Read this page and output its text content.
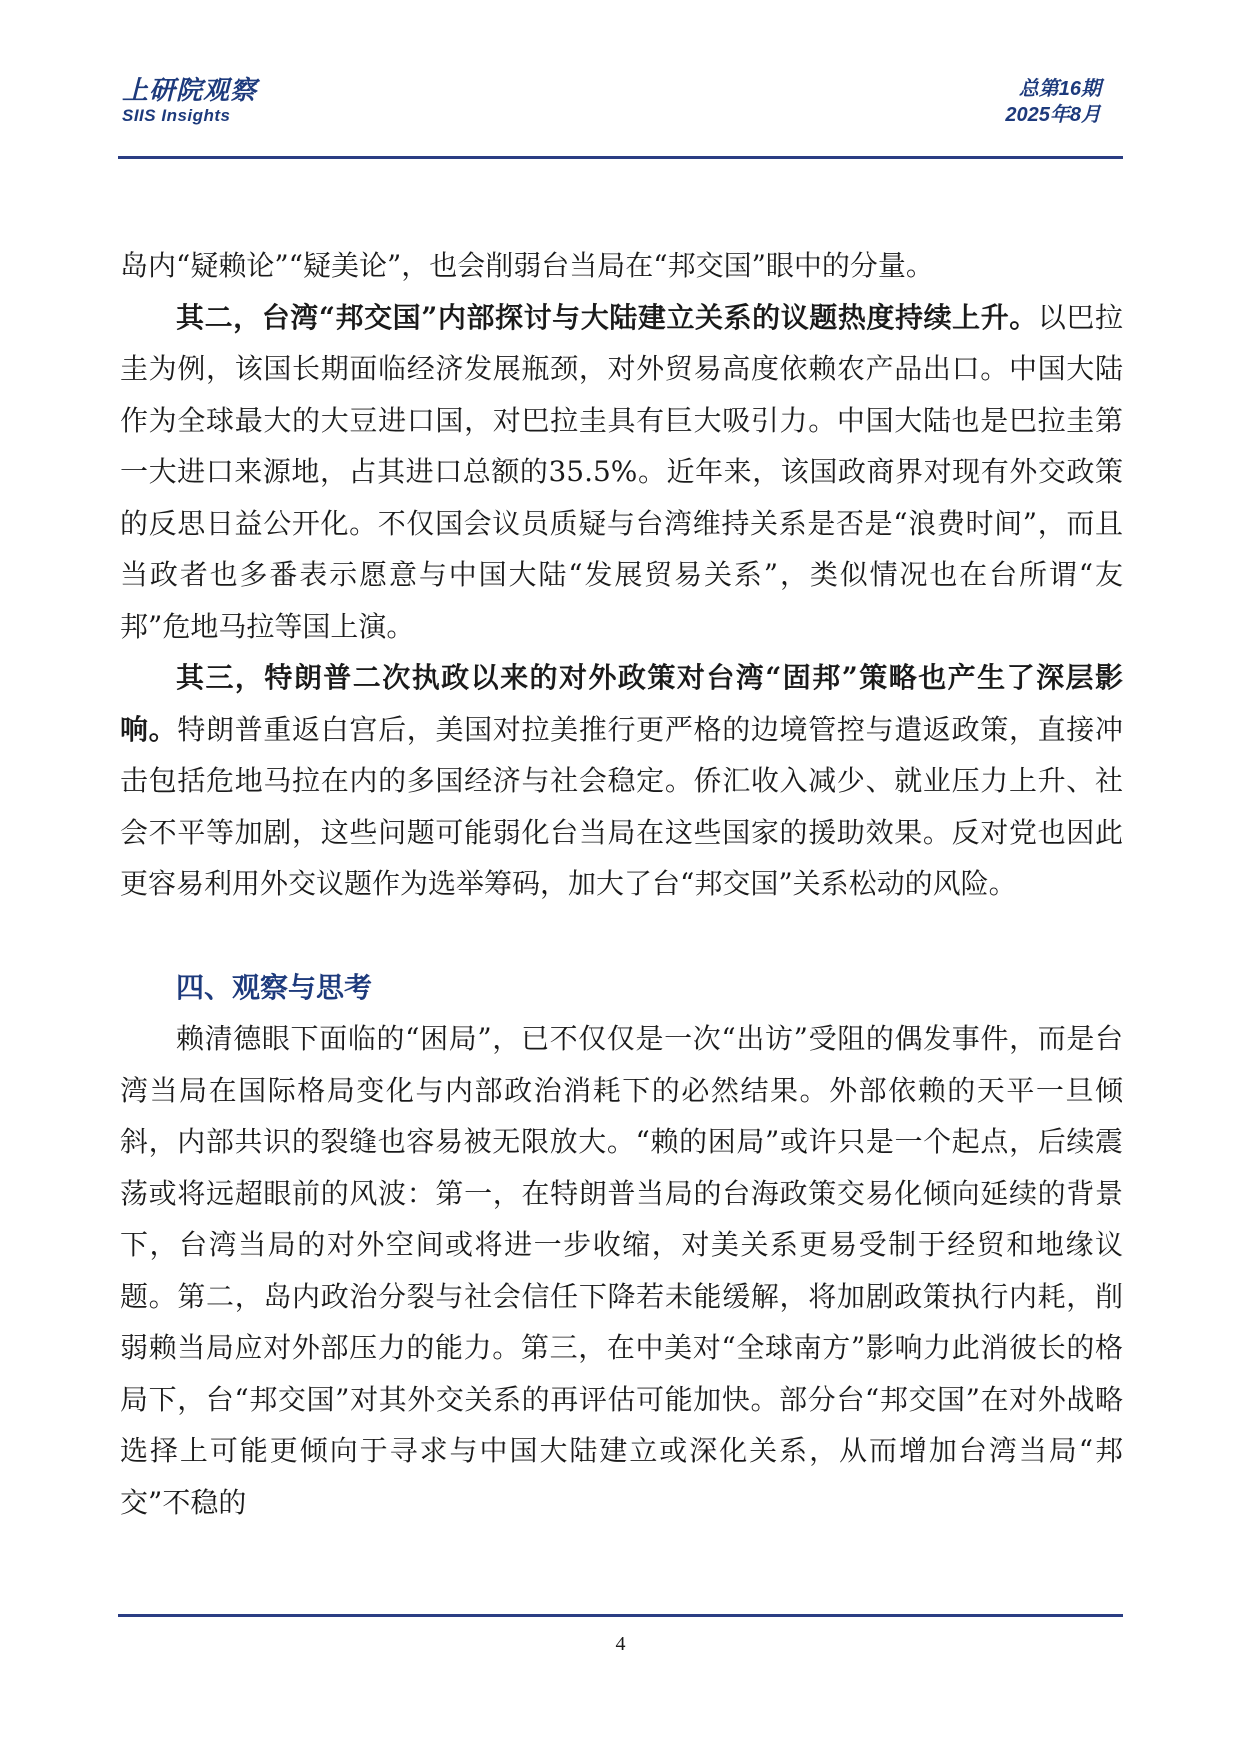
上研院观察
SIIS Insights
总第16期
2025年8月

岛内“疑赖论”“疑美论”，也会削弱台当局在“邦交国”眼中的分量。

其二，台湾“邦交国”内部探讨与大陆建立关系的议题热度持续上升。以巴拉圭为例，该国长期面临经济发展瓶颈，对外贸易高度依赖农产品出口。中国大陆作为全球最大的大豆进口国，对巴拉圭具有巨大吸引力。中国大陆也是巴拉圭第一大进口来源地，占其进口总额的35.5%。近年来，该国政商界对现有外交政策的反思日益公开化。不仅国会议员质疑与台湾维持关系是否是“浪费时间”，而且当政者也多番表示愿意与中国大陆“发展贸易关系”，类似情况也在台所谓“友邦”危地马拉等国上演。

其三，特朗普二次执政以来的对外政策对台湾“固邦”策略也产生了深层影响。特朗普重返白宫后，美国对拉美推行更严格的边境管控与遣返政策，直接冲击包括危地马拉在内的多国经济与社会稳定。侨汇收入减少、就业压力上升、社会不平等加剧，这些问题可能弱化台当局在这些国家的援助效果。反对党也因此更容易利用外交议题作为选举筹码，加大了台“邦交国”关系松动的风险。

四、观察与思考

赖清德眼下面临的“困局”，已不仅仅是一次“出访”受阻的偶发事件，而是台湾当局在国际格局变化与内部政治消耗下的必然结果。外部依赖的天平一旦倾斜，内部共识的裂缝也容易被无限放大。“赖的困局”或许只是一个起点，后续震荡或将远超眼前的风波：第一，在特朗普当局的台海政策交易化倾向延续的背景下，台湾当局的对外空间或将进一步收缩，对美关系更易受制于经贸和地缘议题。第二，岛内政治分裂与社会信任下降若未能缓解，将加剧政策执行内耗，削弱赖当局应对外部压力的能力。第三，在中美对“全球南方”影响力此消彼长的格局下，台“邦交国”对其外交关系的再评估可能加快。部分台“邦交国”在对外战略选择上可能更倾向于寻求与中国大陆建立或深化关系，从而增加台湾当局“邦交”不稳的

4
